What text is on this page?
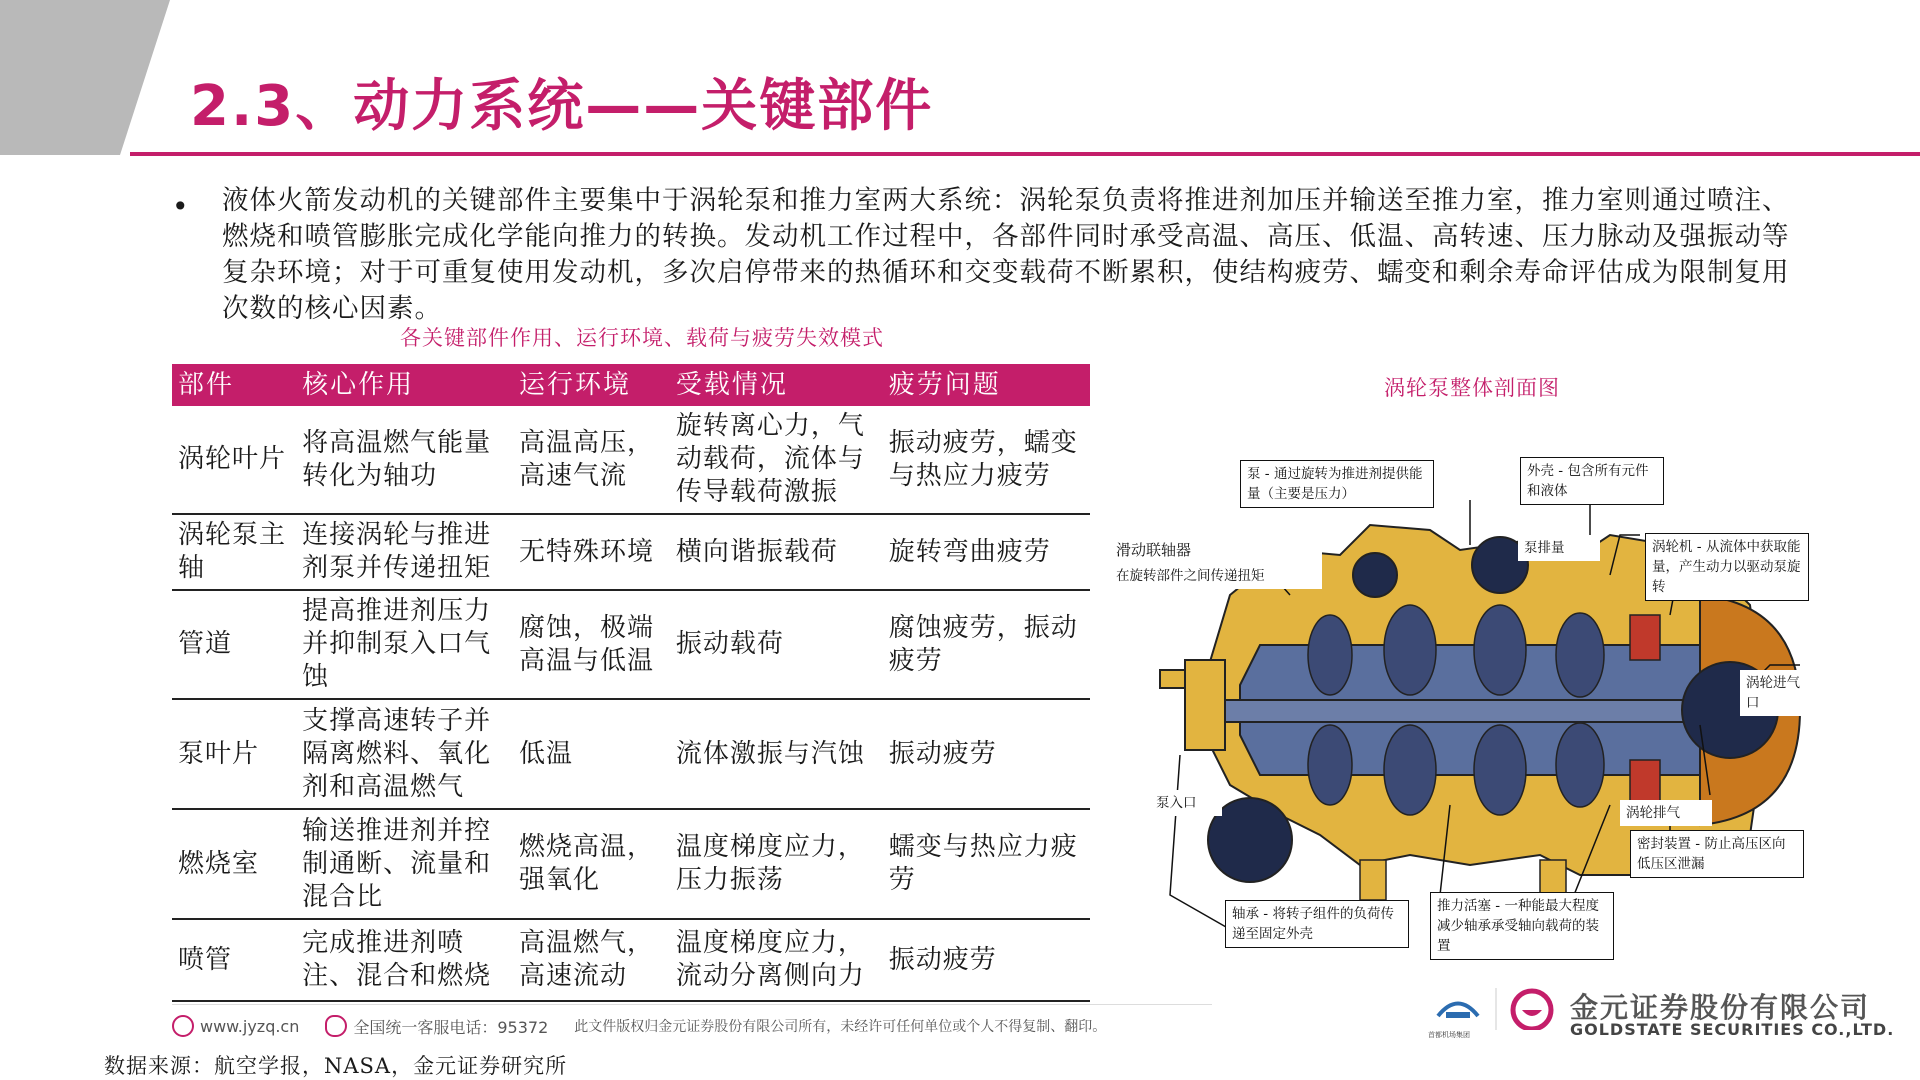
2.3、动力系统——关键部件
• 液体火箭发动机的关键部件主要集中于涡轮泵和推力室两大系统：涡轮泵负责将推进剂加压并输送至推力室，推力室则通过喷注、燃烧和喷管膨胀完成化学能向推力的转换。发动机工作过程中，各部件同时承受高温、高压、低温、高转速、压力脉动及强振动等复杂环境；对于可重复使用发动机，多次启停带来的热循环和交变载荷不断累积，使结构疲劳、蠕变和剩余寿命评估成为限制复用次数的核心因素。
各关键部件作用、运行环境、载荷与疲劳失效模式
部件	核心作用	运行环境	受载情况	疲劳问题
涡轮叶片	将高温燃气能量转化为轴功	高温高压，高速气流	旋转离心力，气动载荷，流体与传导载荷激振	振动疲劳，蠕变与热应力疲劳
涡轮泵主轴	连接涡轮与推进剂泵并传递扭矩	无特殊环境	横向谐振载荷	旋转弯曲疲劳
管道	提高推进剂压力并抑制泵入口气蚀	腐蚀，极端高温与低温	振动载荷	腐蚀疲劳，振动疲劳
泵叶片	支撑高速转子并隔离燃料、氧化剂和高温燃气	低温	流体激振与汽蚀	振动疲劳
燃烧室	输送推进剂并控制通断、流量和混合比	燃烧高温，强氧化	温度梯度应力，压力振荡	蠕变与热应力疲劳
喷管	完成推进剂喷注、混合和燃烧	高温燃气，高速流动	温度梯度应力，流动分离侧向力	振动疲劳
涡轮泵整体剖面图
泵 - 通过旋转为推进剂提供能量（主要是压力）
外壳 - 包含所有元件和液体
滑动联轴器
在旋转部件之间传递扭矩
泵排量	涡轮机 - 从流体中获取能量，产生动力以驱动泵旋转
涡轮进气口
泵入口
涡轮排气
密封装置 - 防止高压区向低压区泄漏
轴承 - 将转子组件的负荷传递至固定外壳
推力活塞 - 一种能最大程度减少轴承承受轴向载荷的装置
www.jyzq.cn	全国统一客服电话：95372 此文件版权归金元证券股份有限公司所有，未经许可任何单位或个人不得复制、翻印。
数据来源：航空学报，NASA，金元证券研究所
首都机场集团
金元证券股份有限公司
GOLDSTATE SECURITIES CO.,LTD.
